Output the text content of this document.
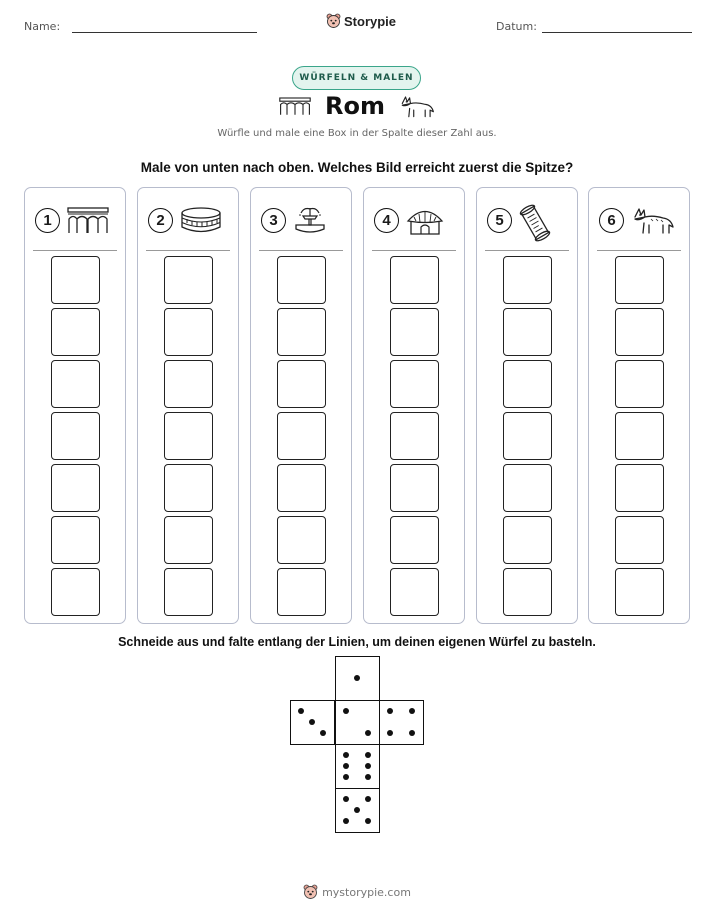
Name:	Storypie	Datum:
WÜRFELN & MALEN
Rom
Würfle und male eine Box in der Spalte dieser Zahl aus.
Male von unten nach oben. Welches Bild erreicht zuerst die Spitze?
1	2	3	4	5	6
Schneide aus und falte entlang der Linien, um deinen eigenen Würfel zu basteln.
mystorypie.com
